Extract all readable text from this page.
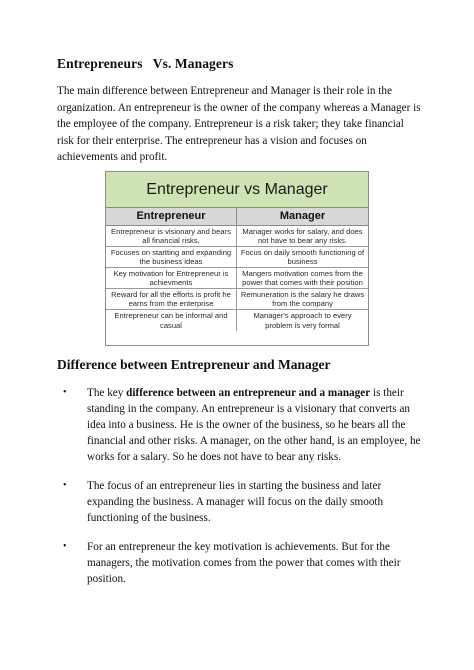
Entrepreneurs Vs. Managers
The main difference between Entrepreneur and Manager is their role in the organization. An entrepreneur is the owner of the company whereas a Manager is the employee of the company. Entrepreneur is a risk taker; they take financial risk for their enterprise. The entrepreneur has a vision and focuses on achievements and profit.
Entrepreneur vs Manager
Entrepreneur	Manager
Entrepreneur is visionary and bears all financial risks.
Manager works for salary, and does not have to bear any risks.
Focuses on startting and expanding the business ideas
Focus on daily smooth functioning of business
Key motivation for Entrepreneur is achievments
Mangers motivation comes from the power that comes with their position
Reward for all the efforts is profit he earns from the enterprise
Remuneration is the salary he draws from the company
Entrepreneur can be informal and casual
Manager's approach to every problem is very formal
Difference between Entrepreneur and Manager
• The key difference between an entrepreneur and a manager is their standing in the company. An entrepreneur is a visionary that converts an idea into a business. He is the owner of the business, so he bears all the financial and other risks. A manager, on the other hand, is an employee, he works for a salary. So he does not have to bear any risks.
• The focus of an entrepreneur lies in starting the business and later expanding the business. A manager will focus on the daily smooth functioning of the business.
• For an entrepreneur the key motivation is achievements. But for the managers, the motivation comes from the power that comes with their position.
